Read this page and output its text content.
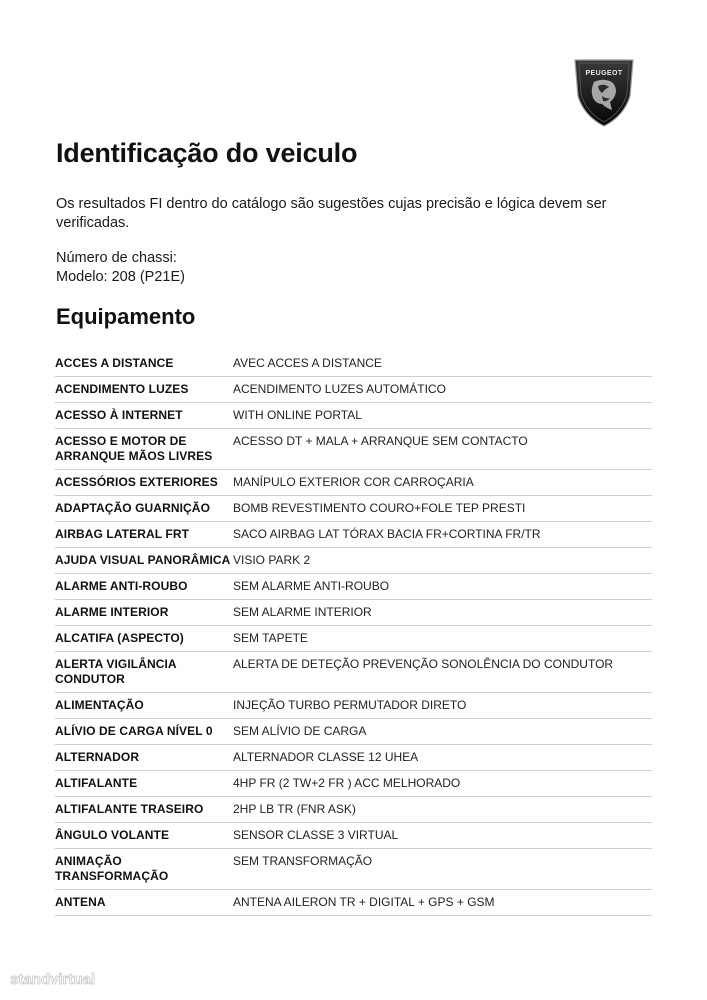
PEUGEOT
Identificação do veiculo

Os resultados FI dentro do catálogo são sugestões cujas precisão e lógica devem ser verificadas.

Número de chassi:
Modelo: 208 (P21E)
Equipamento
ACCES A DISTANCE	AVEC ACCES A DISTANCE
ACENDIMENTO LUZES	ACENDIMENTO LUZES AUTOMÁTICO
ACESSO À INTERNET	WITH ONLINE PORTAL
ACESSO E MOTOR DE ARRANQUE MÃOS LIVRES	ACESSO DT + MALA + ARRANQUE SEM CONTACTO
ACESSÓRIOS EXTERIORES	MANÍPULO EXTERIOR COR CARROÇARIA
ADAPTAÇÃO GUARNIÇÃO	BOMB REVESTIMENTO COURO+FOLE TEP PRESTI
AIRBAG LATERAL FRT	SACO AIRBAG LAT TÓRAX BACIA FR+CORTINA FR/TR
AJUDA VISUAL PANORÂMICA	VISIO PARK 2
ALARME ANTI-ROUBO	SEM ALARME ANTI-ROUBO
ALARME INTERIOR	SEM ALARME INTERIOR
ALCATIFA (ASPECTO)	SEM TAPETE
ALERTA VIGILÂNCIA CONDUTOR	ALERTA DE DETEÇÃO PREVENÇÃO SONOLÊNCIA DO CONDUTOR
ALIMENTAÇÃO	INJEÇÃO TURBO PERMUTADOR DIRETO
ALÍVIO DE CARGA NÍVEL 0	SEM ALÍVIO DE CARGA
ALTERNADOR	ALTERNADOR CLASSE 12 UHEA
ALTIFALANTE	4HP FR (2 TW+2 FR ) ACC MELHORADO
ALTIFALANTE TRASEIRO	2HP LB TR (FNR ASK)
ÂNGULO VOLANTE	SENSOR CLASSE 3 VIRTUAL
ANIMAÇÃO TRANSFORMAÇÃO	SEM TRANSFORMAÇÃO
ANTENA	ANTENA AILERON TR + DIGITAL + GPS + GSM
standvirtual
